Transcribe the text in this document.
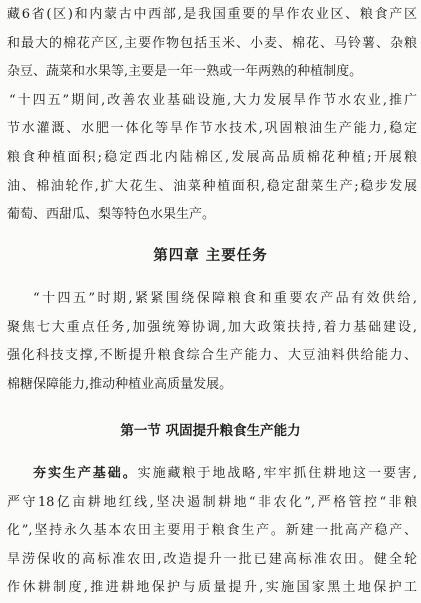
藏6省(区)和内蒙古中西部,是我国重要的旱作农业区、粮食产区
和最大的棉花产区,主要作物包括玉米、小麦、棉花、马铃薯、杂粮
杂豆、蔬菜和水果等,主要是一年一熟或一年两熟的种植制度。
“十四五”期间,改善农业基础设施,大力发展旱作节水农业,推广
节水灌溉、水肥一体化等旱作节水技术,巩固粮油生产能力,稳定
粮食种植面积;稳定西北内陆棉区,发展高品质棉花种植;开展粮
油、棉油轮作,扩大花生、油菜种植面积,稳定甜菜生产;稳步发展
葡萄、西甜瓜、梨等特色水果生产。
第四章 主要任务
“十四五”时期,紧紧围绕保障粮食和重要农产品有效供给,
聚焦七大重点任务,加强统筹协调,加大政策扶持,着力基础建设,
强化科技支撑,不断提升粮食综合生产能力、大豆油料供给能力、
棉糖保障能力,推动种植业高质量发展。
第一节 巩固提升粮食生产能力
夯实生产基础。实施藏粮于地战略,牢牢抓住耕地这一要害,
严守18亿亩耕地红线,坚决遏制耕地“非农化”,严格管控“非粮
化”,坚持永久基本农田主要用于粮食生产。新建一批高产稳产、
旱涝保收的高标准农田,改造提升一批已建高标准农田。健全轮
作休耕制度,推进耕地保护与质量提升,实施国家黑土地保护工
